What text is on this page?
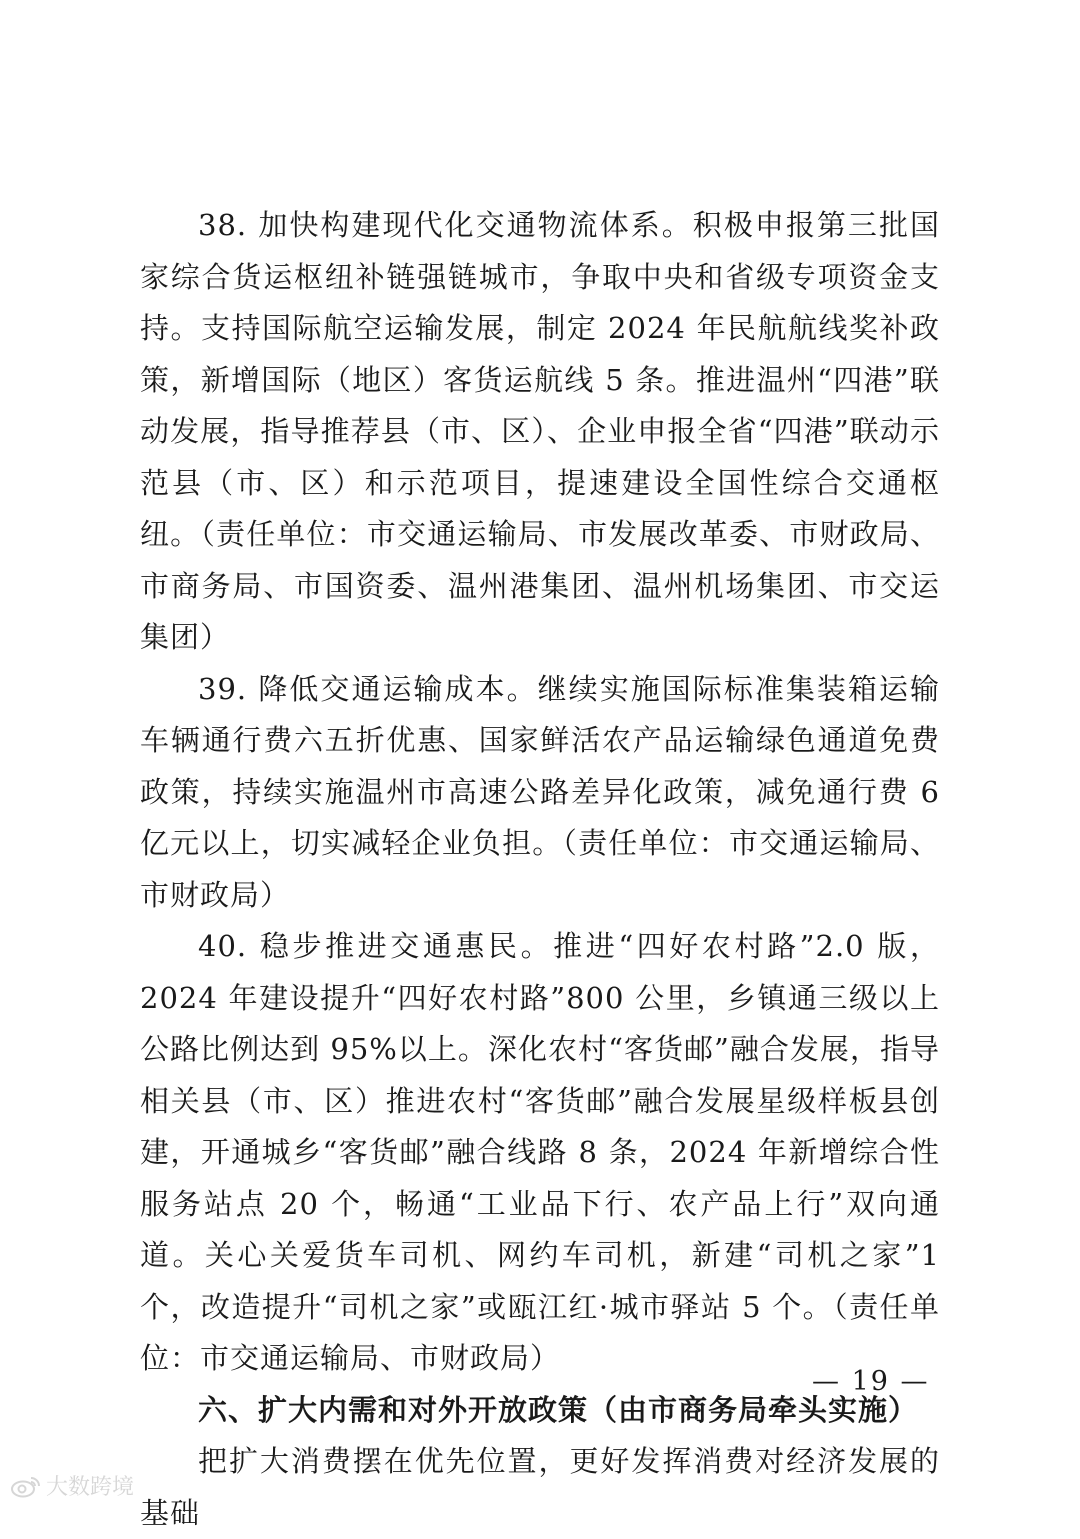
38. 加快构建现代化交通物流体系。积极申报第三批国家综合货运枢纽补链强链城市，争取中央和省级专项资金支持。支持国际航空运输发展，制定 2024 年民航航线奖补政策，新增国际（地区）客货运航线 5 条。推进温州“四港”联动发展，指导推荐县（市、区）、企业申报全省“四港”联动示范县（市、区）和示范项目，提速建设全国性综合交通枢纽。（责任单位：市交通运输局、市发展改革委、市财政局、市商务局、市国资委、温州港集团、温州机场集团、市交运集团）

39. 降低交通运输成本。继续实施国际标准集装箱运输车辆通行费六五折优惠、国家鲜活农产品运输绿色通道免费政策，持续实施温州市高速公路差异化政策，减免通行费 6 亿元以上，切实减轻企业负担。（责任单位：市交通运输局、市财政局）

40. 稳步推进交通惠民。推进“四好农村路”2.0 版，2024 年建设提升“四好农村路”800 公里，乡镇通三级以上公路比例达到 95%以上。深化农村“客货邮”融合发展，指导相关县（市、区）推进农村“客货邮”融合发展星级样板县创建，开通城乡“客货邮”融合线路 8 条，2024 年新增综合性服务站点 20 个，畅通“工业品下行、农产品上行”双向通道。关心关爱货车司机、网约车司机，新建“司机之家”1 个，改造提升“司机之家”或瓯江红·城市驿站 5 个。（责任单位：市交通运输局、市财政局）

六、扩大内需和对外开放政策（由市商务局牵头实施）

把扩大消费摆在优先位置，更好发挥消费对经济发展的基础

— 19 —
大数跨境
